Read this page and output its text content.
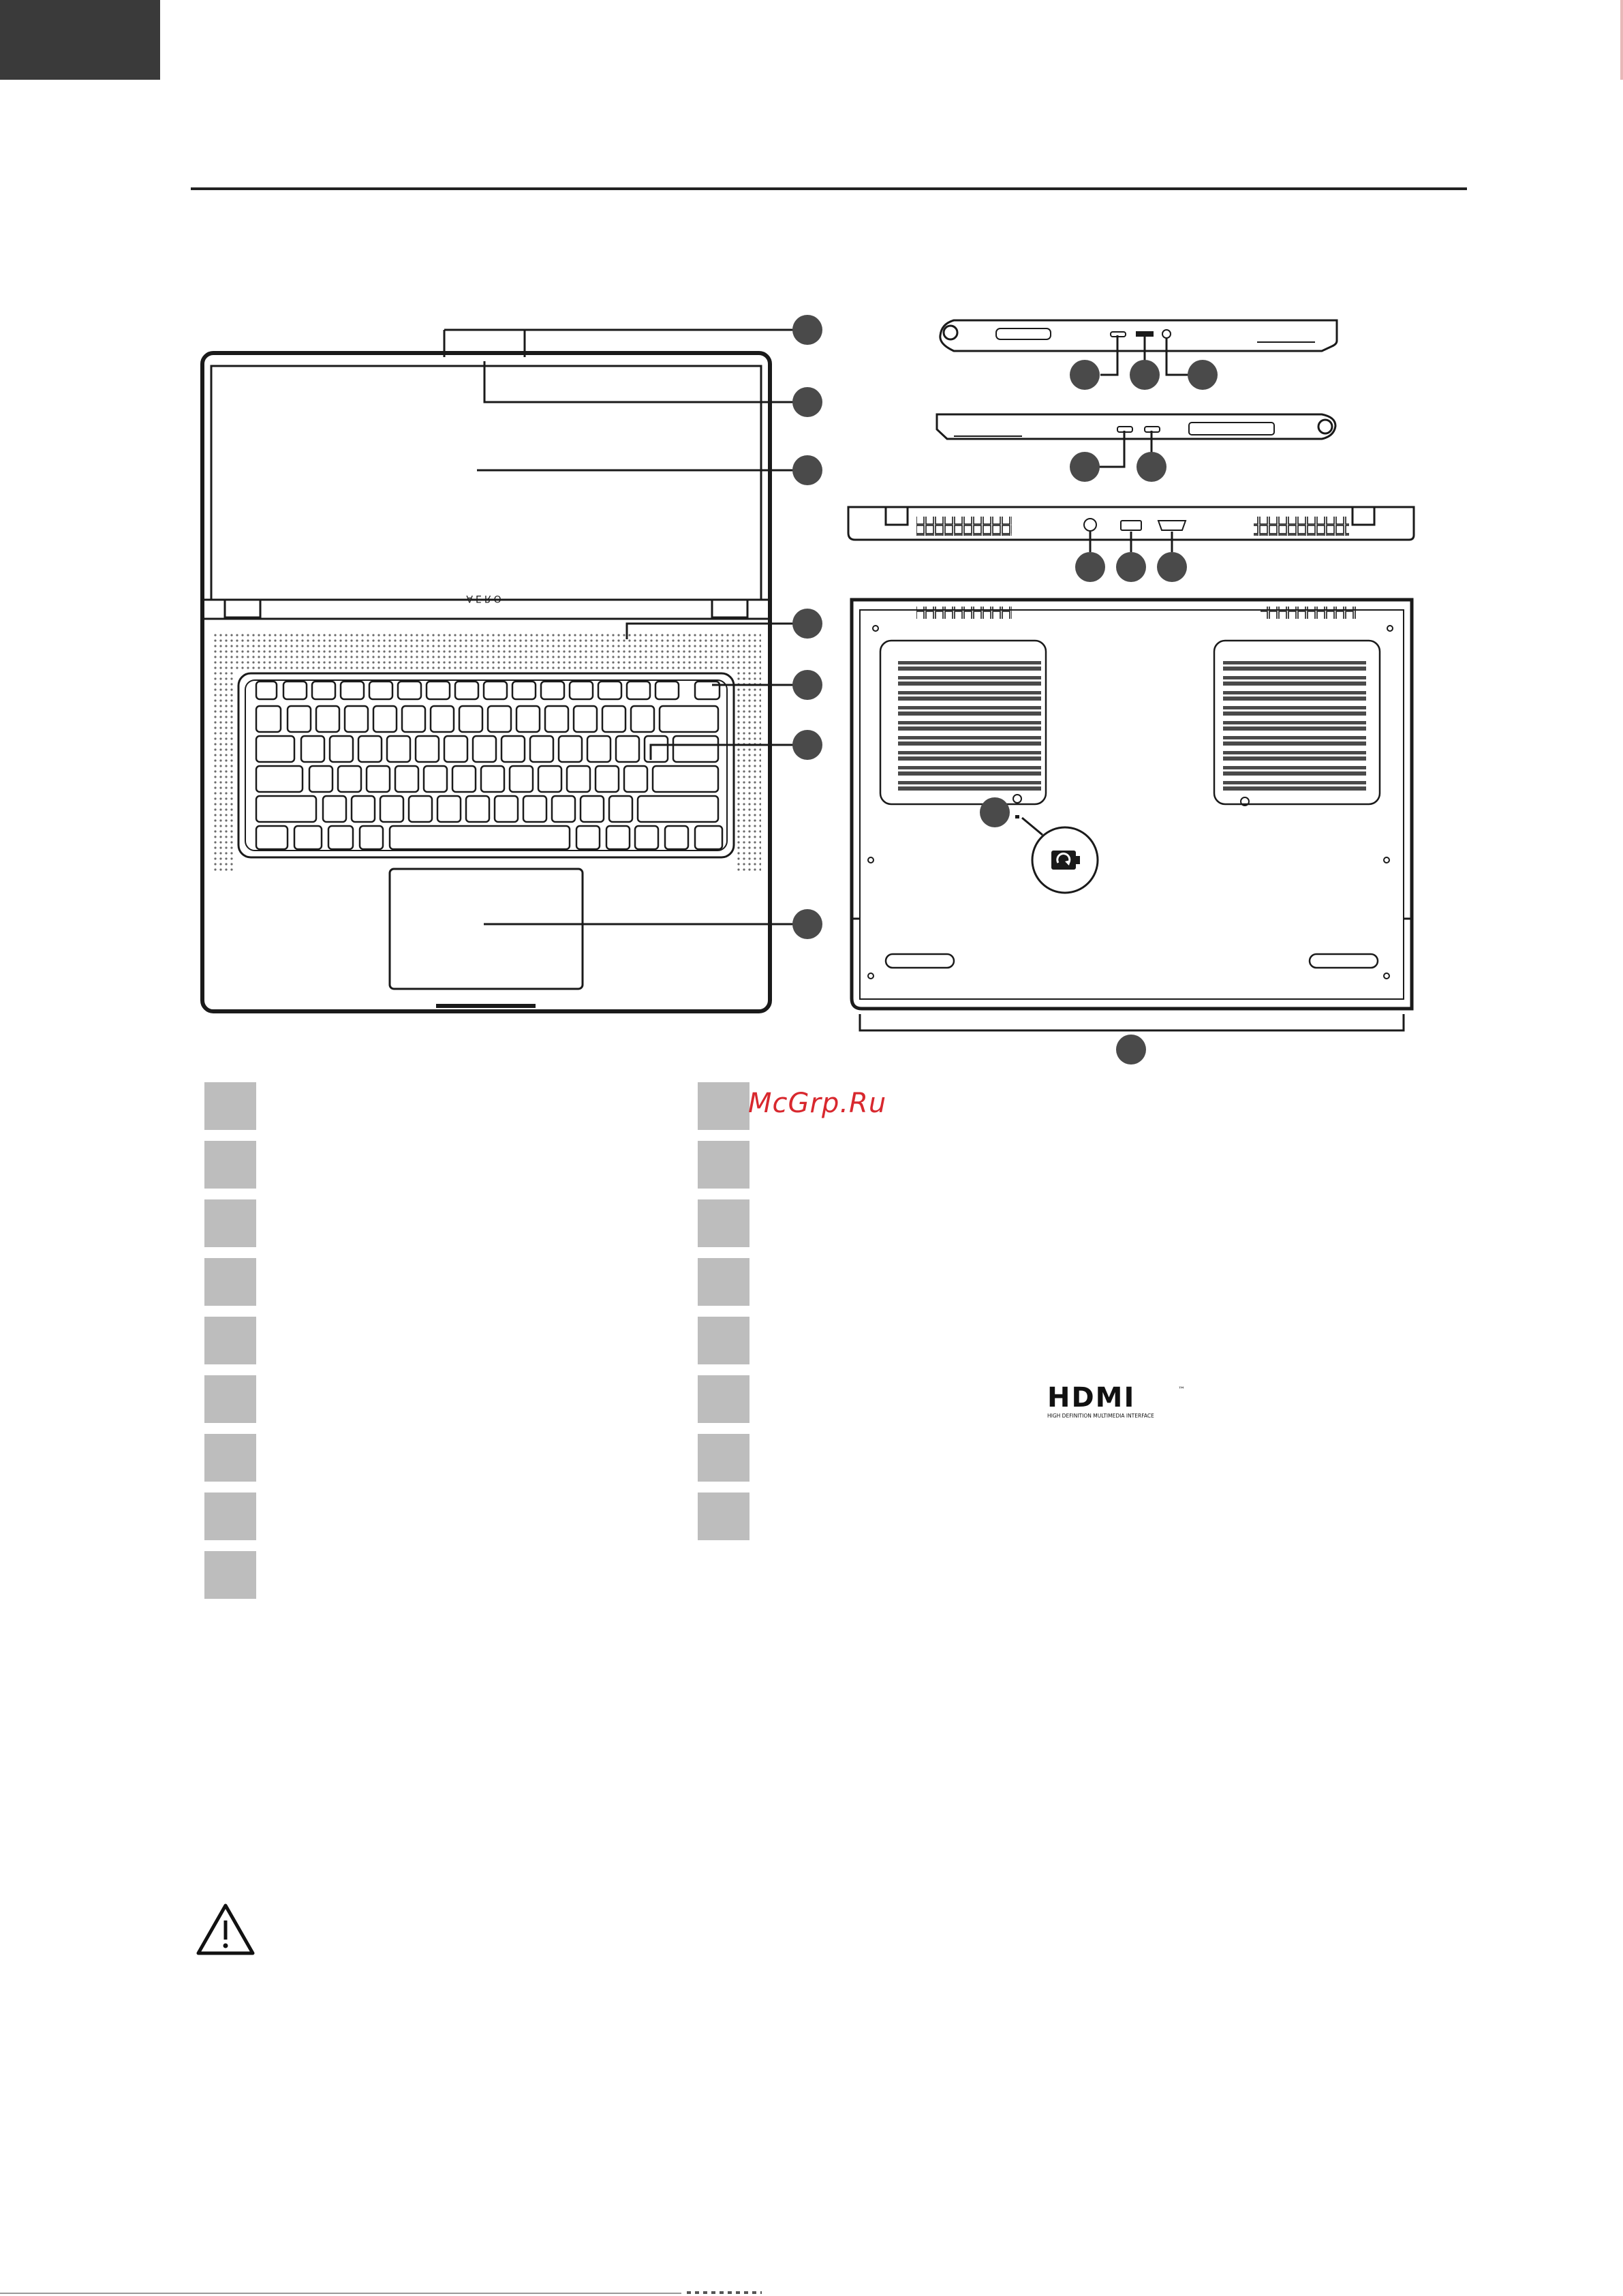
AERO
McGrp.Ru
HDMI	™
HIGH DEFINITION MULTIMEDIA INTERFACE
